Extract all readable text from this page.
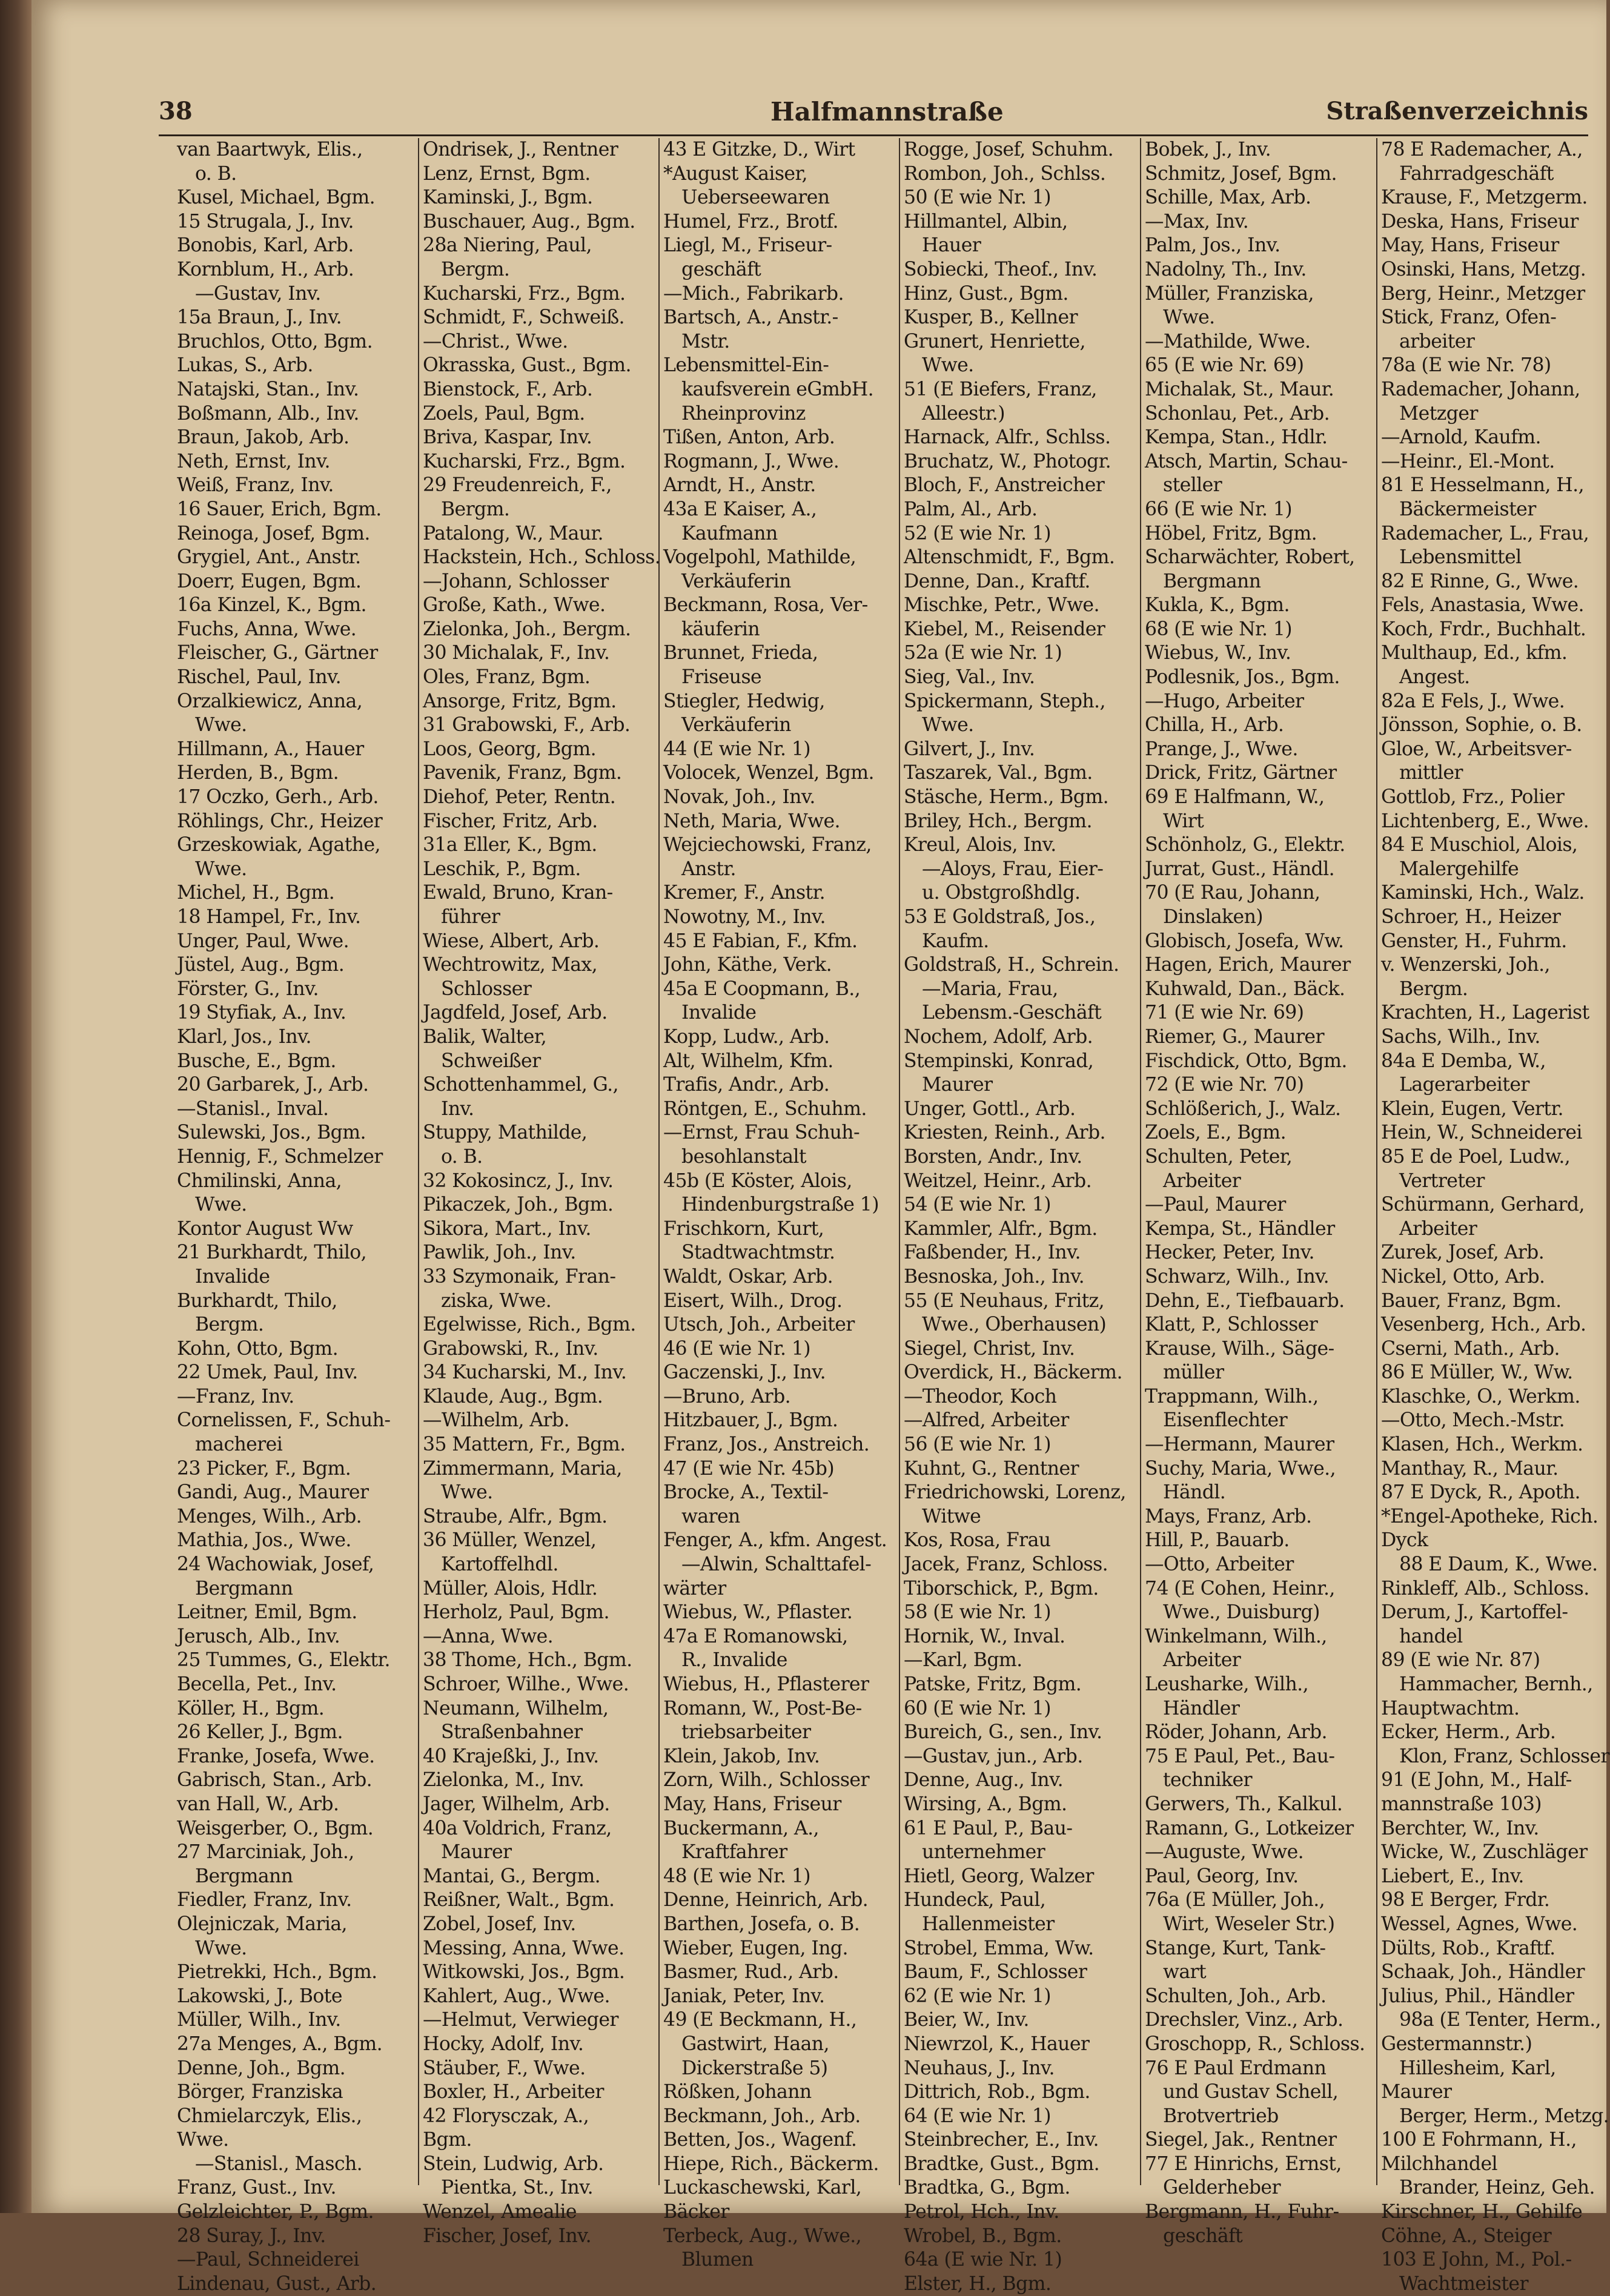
38	Halfmannstraße	Straßenverzeichnis
van Baartwyk, Elis.,
o. B.
Kusel, Michael, Bgm.
15 Strugala, J., Inv.
Bonobis, Karl, Arb.
Kornblum, H., Arb.
—Gustav, Inv.
15a Braun, J., Inv.
Bruchlos, Otto, Bgm.
Lukas, S., Arb.
Natajski, Stan., Inv.
Boßmann, Alb., Inv.
Braun, Jakob, Arb.
Neth, Ernst, Inv.
Weiß, Franz, Inv.
16 Sauer, Erich, Bgm.
Reinoga, Josef, Bgm.
Grygiel, Ant., Anstr.
Doerr, Eugen, Bgm.
16a Kinzel, K., Bgm.
Fuchs, Anna, Wwe.
Fleischer, G., Gärtner
Rischel, Paul, Inv.
Orzalkiewicz, Anna,
Wwe.
Hillmann, A., Hauer
Herden, B., Bgm.
17 Oczko, Gerh., Arb.
Röhlings, Chr., Heizer
Grzeskowiak, Agathe,
Wwe.
Michel, H., Bgm.
18 Hampel, Fr., Inv.
Unger, Paul, Wwe.
Jüstel, Aug., Bgm.
Förster, G., Inv.
19 Styfiak, A., Inv.
Klarl, Jos., Inv.
Busche, E., Bgm.
20 Garbarek, J., Arb.
—Stanisl., Inval.
Sulewski, Jos., Bgm.
Hennig, F., Schmelzer
Chmilinski, Anna,
Wwe.
Kontor August Ww
21 Burkhardt, Thilo,
Invalide
Burkhardt, Thilo,
Bergm.
Kohn, Otto, Bgm.
22 Umek, Paul, Inv.
—Franz, Inv.
Cornelissen, F., Schuh-
macherei
23 Picker, F., Bgm.
Gandi, Aug., Maurer
Menges, Wilh., Arb.
Mathia, Jos., Wwe.
24 Wachowiak, Josef,
Bergmann
Leitner, Emil, Bgm.
Jerusch, Alb., Inv.
25 Tummes, G., Elektr.
Becella, Pet., Inv.
Köller, H., Bgm.
26 Keller, J., Bgm.
Franke, Josefa, Wwe.
Gabrisch, Stan., Arb.
van Hall, W., Arb.
Weisgerber, O., Bgm.
27 Marciniak, Joh.,
Bergmann
Fiedler, Franz, Inv.
Olejniczak, Maria,
Wwe.
Pietrekki, Hch., Bgm.
Lakowski, J., Bote
Müller, Wilh., Inv.
27a Menges, A., Bgm.
Denne, Joh., Bgm.
Börger, Franziska
Chmielarczyk, Elis.,
Wwe.
—Stanisl., Masch.
Franz, Gust., Inv.
Gelzleichter, P., Bgm.
28 Suray, J., Inv.
—Paul, Schneiderei
Lindenau, Gust., Arb.
Ondrisek, J., Rentner
Lenz, Ernst, Bgm.
Kaminski, J., Bgm.
Buschauer, Aug., Bgm.
28a Niering, Paul,
Bergm.
Kucharski, Frz., Bgm.
Schmidt, F., Schweiß.
—Christ., Wwe.
Okrasska, Gust., Bgm.
Bienstock, F., Arb.
Zoels, Paul, Bgm.
Briva, Kaspar, Inv.
Kucharski, Frz., Bgm.
29 Freudenreich, F.,
Bergm.
Patalong, W., Maur.
Hackstein, Hch., Schloss.
—Johann, Schlosser
Große, Kath., Wwe.
Zielonka, Joh., Bergm.
30 Michalak, F., Inv.
Oles, Franz, Bgm.
Ansorge, Fritz, Bgm.
31 Grabowski, F., Arb.
Loos, Georg, Bgm.
Pavenik, Franz, Bgm.
Diehof, Peter, Rentn.
Fischer, Fritz, Arb.
31a Eller, K., Bgm.
Leschik, P., Bgm.
Ewald, Bruno, Kran-
führer
Wiese, Albert, Arb.
Wechtrowitz, Max,
Schlosser
Jagdfeld, Josef, Arb.
Balik, Walter,
Schweißer
Schottenhammel, G.,
Inv.
Stuppy, Mathilde,
o. B.
32 Kokosincz, J., Inv.
Pikaczek, Joh., Bgm.
Sikora, Mart., Inv.
Pawlik, Joh., Inv.
33 Szymonaik, Fran-
ziska, Wwe.
Egelwisse, Rich., Bgm.
Grabowski, R., Inv.
34 Kucharski, M., Inv.
Klaude, Aug., Bgm.
—Wilhelm, Arb.
35 Mattern, Fr., Bgm.
Zimmermann, Maria,
Wwe.
Straube, Alfr., Bgm.
36 Müller, Wenzel,
Kartoffelhdl.
Müller, Alois, Hdlr.
Herholz, Paul, Bgm.
—Anna, Wwe.
38 Thome, Hch., Bgm.
Schroer, Wilhe., Wwe.
Neumann, Wilhelm,
Straßenbahner
40 Krajeßki, J., Inv.
Zielonka, M., Inv.
Jager, Wilhelm, Arb.
40a Voldrich, Franz,
Maurer
Mantai, G., Bergm.
Reißner, Walt., Bgm.
Zobel, Josef, Inv.
Messing, Anna, Wwe.
Witkowski, Jos., Bgm.
Kahlert, Aug., Wwe.
—Helmut, Verwieger
Hocky, Adolf, Inv.
Stäuber, F., Wwe.
Boxler, H., Arbeiter
42 Florysczak, A.,
Bgm.
Stein, Ludwig, Arb.
Pientka, St., Inv.
Wenzel, Amealie
Fischer, Josef, Inv.
43 E Gitzke, D., Wirt
*August Kaiser,
Ueberseewaren
Humel, Frz., Brotf.
Liegl, M., Friseur-
geschäft
—Mich., Fabrikarb.
Bartsch, A., Anstr.-
Mstr.
Lebensmittel-Ein-
kaufsverein eGmbH.
Rheinprovinz
Tißen, Anton, Arb.
Rogmann, J., Wwe.
Arndt, H., Anstr.
43a E Kaiser, A.,
Kaufmann
Vogelpohl, Mathilde,
Verkäuferin
Beckmann, Rosa, Ver-
käuferin
Brunnet, Frieda,
Friseuse
Stiegler, Hedwig,
Verkäuferin
44 (E wie Nr. 1)
Volocek, Wenzel, Bgm.
Novak, Joh., Inv.
Neth, Maria, Wwe.
Wejciechowski, Franz,
Anstr.
Kremer, F., Anstr.
Nowotny, M., Inv.
45 E Fabian, F., Kfm.
John, Käthe, Verk.
45a E Coopmann, B.,
Invalide
Kopp, Ludw., Arb.
Alt, Wilhelm, Kfm.
Trafis, Andr., Arb.
Röntgen, E., Schuhm.
—Ernst, Frau Schuh-
besohlanstalt
45b (E Köster, Alois,
Hindenburgstraße 1)
Frischkorn, Kurt,
Stadtwachtmstr.
Waldt, Oskar, Arb.
Eisert, Wilh., Drog.
Utsch, Joh., Arbeiter
46 (E wie Nr. 1)
Gaczenski, J., Inv.
—Bruno, Arb.
Hitzbauer, J., Bgm.
Franz, Jos., Anstreich.
47 (E wie Nr. 45b)
Brocke, A., Textil-
waren
Fenger, A., kfm. Angest.
—Alwin, Schalttafel-
wärter
Wiebus, W., Pflaster.
47a E Romanowski,
R., Invalide
Wiebus, H., Pflasterer
Romann, W., Post-Be-
triebsarbeiter
Klein, Jakob, Inv.
Zorn, Wilh., Schlosser
May, Hans, Friseur
Buckermann, A.,
Kraftfahrer
48 (E wie Nr. 1)
Denne, Heinrich, Arb.
Barthen, Josefa, o. B.
Wieber, Eugen, Ing.
Basmer, Rud., Arb.
Janiak, Peter, Inv.
49 (E Beckmann, H.,
Gastwirt, Haan,
Dickerstraße 5)
Rößken, Johann
Beckmann, Joh., Arb.
Betten, Jos., Wagenf.
Hiepe, Rich., Bäckerm.
Luckaschewski, Karl,
Bäcker
Terbeck, Aug., Wwe.,
Blumen
Rogge, Josef, Schuhm.
Rombon, Joh., Schlss.
50 (E wie Nr. 1)
Hillmantel, Albin,
Hauer
Sobiecki, Theof., Inv.
Hinz, Gust., Bgm.
Kusper, B., Kellner
Grunert, Henriette,
Wwe.
51 (E Biefers, Franz,
Alleestr.)
Harnack, Alfr., Schlss.
Bruchatz, W., Photogr.
Bloch, F., Anstreicher
Palm, Al., Arb.
52 (E wie Nr. 1)
Altenschmidt, F., Bgm.
Denne, Dan., Kraftf.
Mischke, Petr., Wwe.
Kiebel, M., Reisender
52a (E wie Nr. 1)
Sieg, Val., Inv.
Spickermann, Steph.,
Wwe.
Gilvert, J., Inv.
Taszarek, Val., Bgm.
Stäsche, Herm., Bgm.
Briley, Hch., Bergm.
Kreul, Alois, Inv.
—Aloys, Frau, Eier-
u. Obstgroßhdlg.
53 E Goldstraß, Jos.,
Kaufm.
Goldstraß, H., Schrein.
—Maria, Frau,
Lebensm.-Geschäft
Nochem, Adolf, Arb.
Stempinski, Konrad,
Maurer
Unger, Gottl., Arb.
Kriesten, Reinh., Arb.
Borsten, Andr., Inv.
Weitzel, Heinr., Arb.
54 (E wie Nr. 1)
Kammler, Alfr., Bgm.
Faßbender, H., Inv.
Besnoska, Joh., Inv.
55 (E Neuhaus, Fritz,
Wwe., Oberhausen)
Siegel, Christ, Inv.
Overdick, H., Bäckerm.
—Theodor, Koch
—Alfred, Arbeiter
56 (E wie Nr. 1)
Kuhnt, G., Rentner
Friedrichowski, Lorenz,
Witwe
Kos, Rosa, Frau
Jacek, Franz, Schloss.
Tiborschick, P., Bgm.
58 (E wie Nr. 1)
Hornik, W., Inval.
—Karl, Bgm.
Patske, Fritz, Bgm.
60 (E wie Nr. 1)
Bureich, G., sen., Inv.
—Gustav, jun., Arb.
Denne, Aug., Inv.
Wirsing, A., Bgm.
61 E Paul, P., Bau-
unternehmer
Hietl, Georg, Walzer
Hundeck, Paul,
Hallenmeister
Strobel, Emma, Ww.
Baum, F., Schlosser
62 (E wie Nr. 1)
Beier, W., Inv.
Niewrzol, K., Hauer
Neuhaus, J., Inv.
Dittrich, Rob., Bgm.
64 (E wie Nr. 1)
Steinbrecher, E., Inv.
Bradtke, Gust., Bgm.
Bradtka, G., Bgm.
Petrol, Hch., Inv.
Wrobel, B., Bgm.
64a (E wie Nr. 1)
Elster, H., Bgm.
Bobek, J., Inv.
Schmitz, Josef, Bgm.
Schille, Max, Arb.
—Max, Inv.
Palm, Jos., Inv.
Nadolny, Th., Inv.
Müller, Franziska,
Wwe.
—Mathilde, Wwe.
65 (E wie Nr. 69)
Michalak, St., Maur.
Schonlau, Pet., Arb.
Kempa, Stan., Hdlr.
Atsch, Martin, Schau-
steller
66 (E wie Nr. 1)
Höbel, Fritz, Bgm.
Scharwächter, Robert,
Bergmann
Kukla, K., Bgm.
68 (E wie Nr. 1)
Wiebus, W., Inv.
Podlesnik, Jos., Bgm.
—Hugo, Arbeiter
Chilla, H., Arb.
Prange, J., Wwe.
Drick, Fritz, Gärtner
69 E Halfmann, W.,
Wirt
Schönholz, G., Elektr.
Jurrat, Gust., Händl.
70 (E Rau, Johann,
Dinslaken)
Globisch, Josefa, Ww.
Hagen, Erich, Maurer
Kuhwald, Dan., Bäck.
71 (E wie Nr. 69)
Riemer, G., Maurer
Fischdick, Otto, Bgm.
72 (E wie Nr. 70)
Schlößerich, J., Walz.
Zoels, E., Bgm.
Schulten, Peter,
Arbeiter
—Paul, Maurer
Kempa, St., Händler
Hecker, Peter, Inv.
Schwarz, Wilh., Inv.
Dehn, E., Tiefbauarb.
Klatt, P., Schlosser
Krause, Wilh., Säge-
müller
Trappmann, Wilh.,
Eisenflechter
—Hermann, Maurer
Suchy, Maria, Wwe.,
Händl.
Mays, Franz, Arb.
Hill, P., Bauarb.
—Otto, Arbeiter
74 (E Cohen, Heinr.,
Wwe., Duisburg)
Winkelmann, Wilh.,
Arbeiter
Leusharke, Wilh.,
Händler
Röder, Johann, Arb.
75 E Paul, Pet., Bau-
techniker
Gerwers, Th., Kalkul.
Ramann, G., Lotkeizer
—Auguste, Wwe.
Paul, Georg, Inv.
76a (E Müller, Joh.,
Wirt, Weseler Str.)
Stange, Kurt, Tank-
wart
Schulten, Joh., Arb.
Drechsler, Vinz., Arb.
Groschopp, R., Schloss.
76 E Paul Erdmann
und Gustav Schell,
Brotvertrieb
Siegel, Jak., Rentner
77 E Hinrichs, Ernst,
Gelderheber
Bergmann, H., Fuhr-
geschäft
78 E Rademacher, A.,
Fahrradgeschäft
Krause, F., Metzgerm.
Deska, Hans, Friseur
May, Hans, Friseur
Osinski, Hans, Metzg.
Berg, Heinr., Metzger
Stick, Franz, Ofen-
arbeiter
78a (E wie Nr. 78)
Rademacher, Johann,
Metzger
—Arnold, Kaufm.
—Heinr., El.-Mont.
81 E Hesselmann, H.,
Bäckermeister
Rademacher, L., Frau,
Lebensmittel
82 E Rinne, G., Wwe.
Fels, Anastasia, Wwe.
Koch, Frdr., Buchhalt.
Multhaup, Ed., kfm.
Angest.
82a E Fels, J., Wwe.
Jönsson, Sophie, o. B.
Gloe, W., Arbeitsver-
mittler
Gottlob, Frz., Polier
Lichtenberg, E., Wwe.
84 E Muschiol, Alois,
Malergehilfe
Kaminski, Hch., Walz.
Schroer, H., Heizer
Genster, H., Fuhrm.
v. Wenzerski, Joh.,
Bergm.
Krachten, H., Lagerist
Sachs, Wilh., Inv.
84a E Demba, W.,
Lagerarbeiter
Klein, Eugen, Vertr.
Hein, W., Schneiderei
85 E de Poel, Ludw.,
Vertreter
Schürmann, Gerhard,
Arbeiter
Zurek, Josef, Arb.
Nickel, Otto, Arb.
Bauer, Franz, Bgm.
Vesenberg, Hch., Arb.
Cserni, Math., Arb.
86 E Müller, W., Ww.
Klaschke, O., Werkm.
—Otto, Mech.-Mstr.
Klasen, Hch., Werkm.
Manthay, R., Maur.
87 E Dyck, R., Apoth.
*Engel-Apotheke, Rich.
Dyck
88 E Daum, K., Wwe.
Rinkleff, Alb., Schloss.
Derum, J., Kartoffel-
handel
89 (E wie Nr. 87)
Hammacher, Bernh.,
Hauptwachtm.
Ecker, Herm., Arb.
Klon, Franz, Schlosser
91 (E John, M., Half-
mannstraße 103)
Berchter, W., Inv.
Wicke, W., Zuschläger
Liebert, E., Inv.
98 E Berger, Frdr.
Wessel, Agnes, Wwe.
Dülts, Rob., Kraftf.
Schaak, Joh., Händler
Julius, Phil., Händler
98a (E Tenter, Herm.,
Gestermannstr.)
Hillesheim, Karl,
Maurer
Berger, Herm., Metzg.
100 E Fohrmann, H.,
Milchhandel
Brander, Heinz, Geh.
Kirschner, H., Gehilfe
Cöhne, A., Steiger
103 E John, M., Pol.-
Wachtmeister
